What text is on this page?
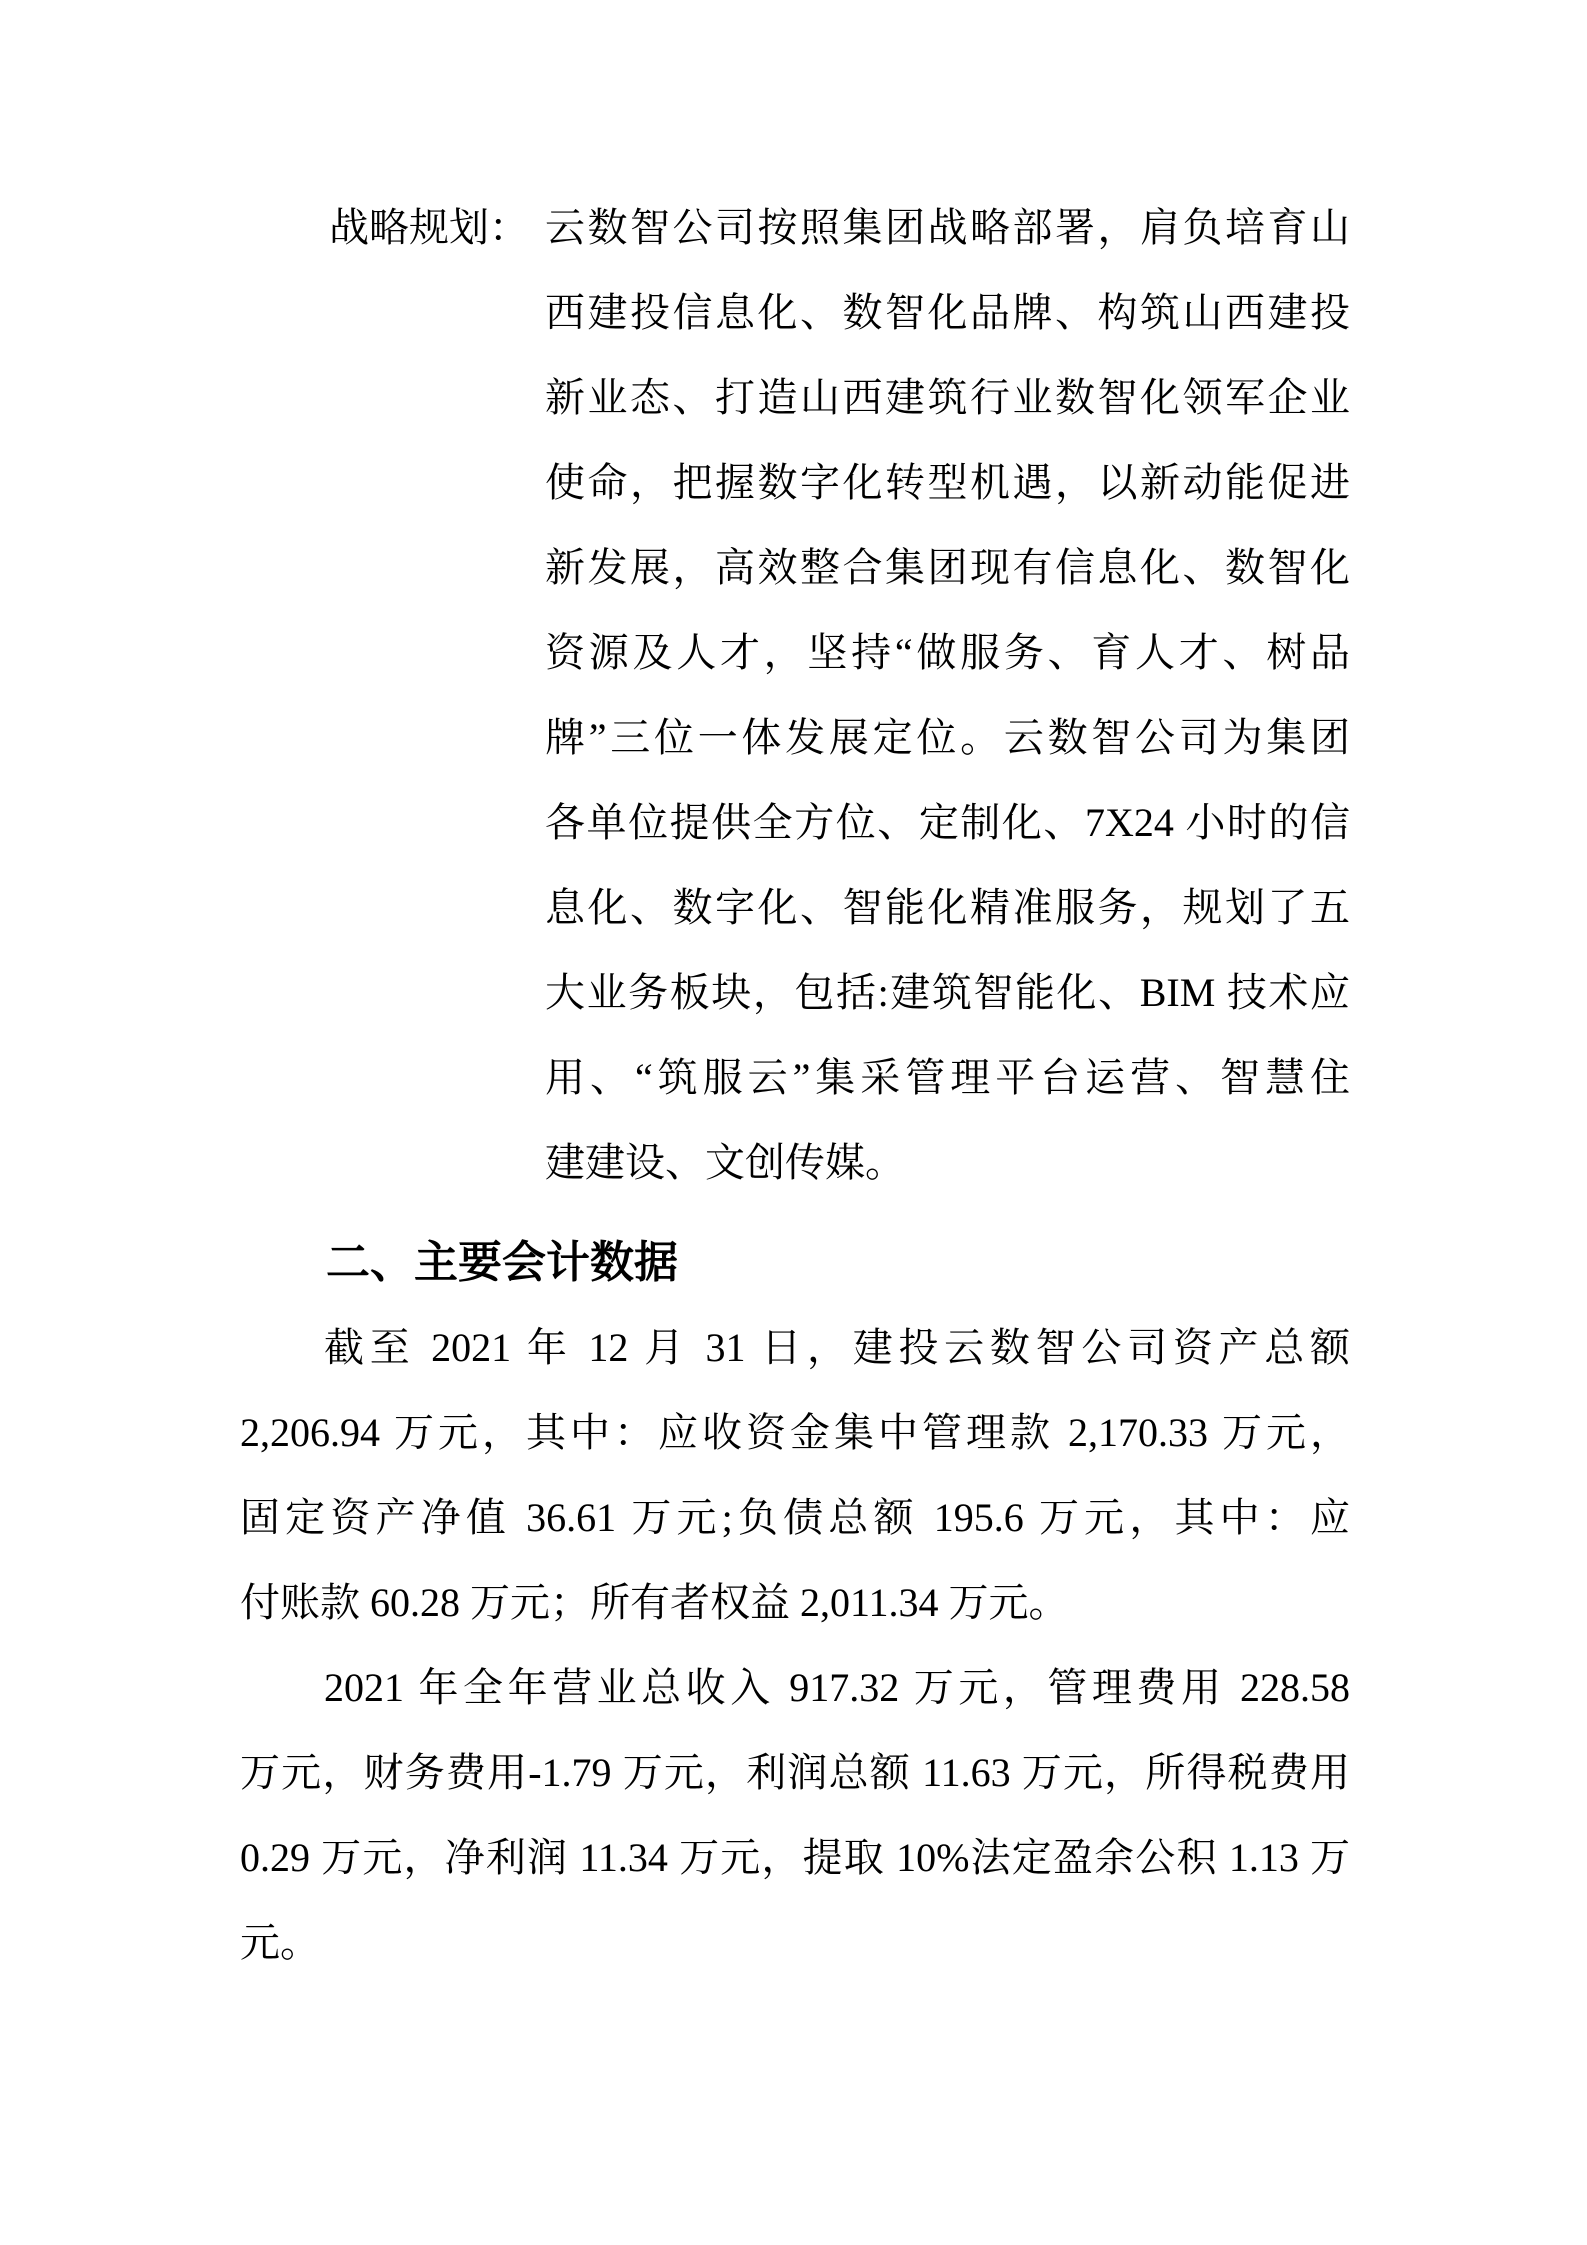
战略规划： 云数智公司按照集团战略部署，肩负培育山
西建投信息化、数智化品牌、构筑山西建投
新业态、打造山西建筑行业数智化领军企业
使命，把握数字化转型机遇，以新动能促进
新发展，高效整合集团现有信息化、数智化
资源及人才，坚持“做服务、育人才、树品
牌”三位一体发展定位。云数智公司为集团
各单位提供全方位、定制化、7X24 小时的信
息化、数字化、智能化精准服务，规划了五
大业务板块，包括:建筑智能化、BIM 技术应
用、“筑服云”集采管理平台运营、智慧住
建建设、文创传媒。
二、主要会计数据
截至 2021 年 12 月 31 日，建投云数智公司资产总额
2,206.94 万元，其中：应收资金集中管理款 2,170.33 万元，
固定资产净值 36.61 万元;负债总额 195.6 万元，其中：应
付账款 60.28 万元；所有者权益 2,011.34 万元。
2021 年全年营业总收入 917.32 万元，管理费用 228.58
万元，财务费用-1.79 万元，利润总额 11.63 万元，所得税费用
0.29 万元，净利润 11.34 万元，提取 10%法定盈余公积 1.13 万
元。
